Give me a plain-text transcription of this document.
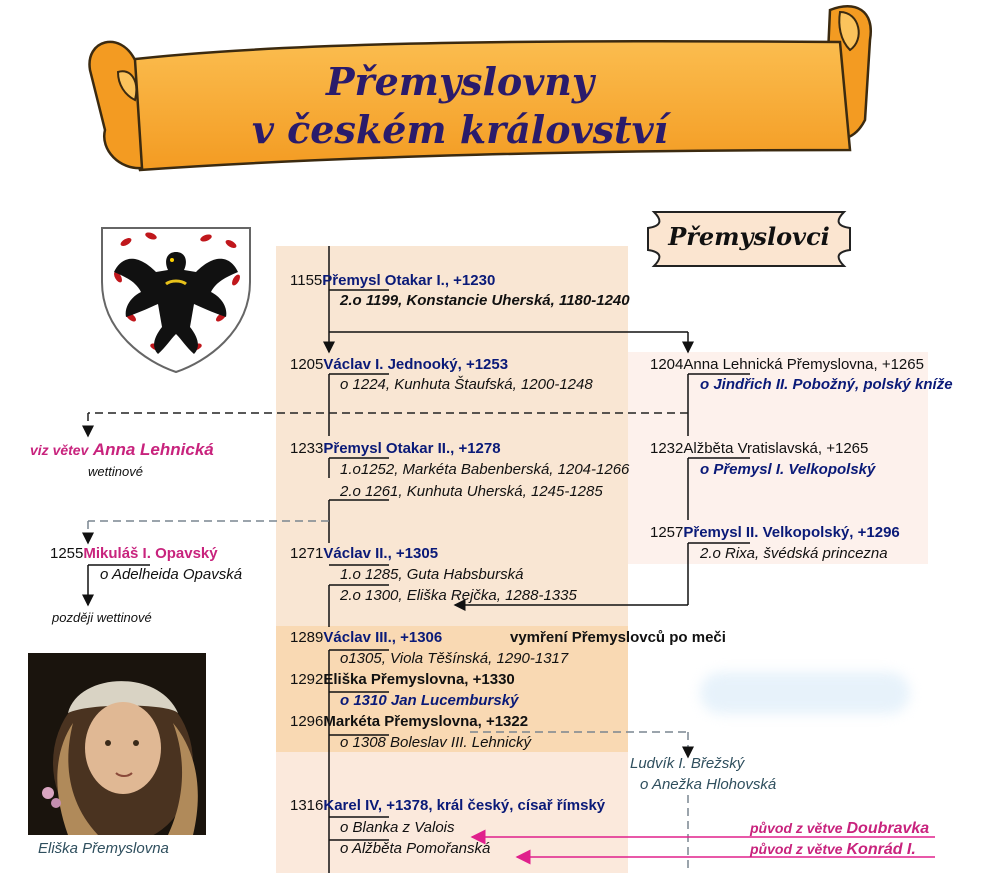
Přemyslovny
v českém království
Přemyslovci
Eliška Přemyslovna
1155Přemysl Otakar I., +1230
2.o 1199, Konstancie Uherská, 1180-1240
1205Václav I. Jednooký, +1253
o 1224, Kunhuta Štaufská, 1200-1248
1233Přemysl Otakar II., +1278
1.o1252, Markéta Babenberská, 1204-1266
2.o 1261, Kunhuta Uherská, 1245-1285
1271Václav II., +1305
1.o 1285, Guta Habsburská
2.o 1300, Eliška Rejčka, 1288-1335
1289Václav III., +1306	vymření Přemyslovců po meči
o1305, Viola Těšínská, 1290-1317
1292Eliška Přemyslovna, +1330
o 1310 Jan Lucemburský
1296Markéta Přemyslovna, +1322
o 1308 Boleslav III. Lehnický
1316Karel IV, +1378, král český, císař římský
o Blanka z Valois
o Alžběta Pomořanská
1204Anna Lehnická Přemyslovna, +1265
o Jindřich II. Pobožný, polský kníže
1232Alžběta Vratislavská, +1265
o Přemysl I. Velkopolský
1257Přemysl II. Velkopolský, +1296
2.o Rixa, švédská princezna
Ludvík I. Břežský
o Anežka Hlohovská
původ z větve Doubravka
původ z větve Konrád I.
viz větev Anna Lehnická
wettinové
1255Mikuláš I. Opavský
o Adelheida Opavská
později wettinové
